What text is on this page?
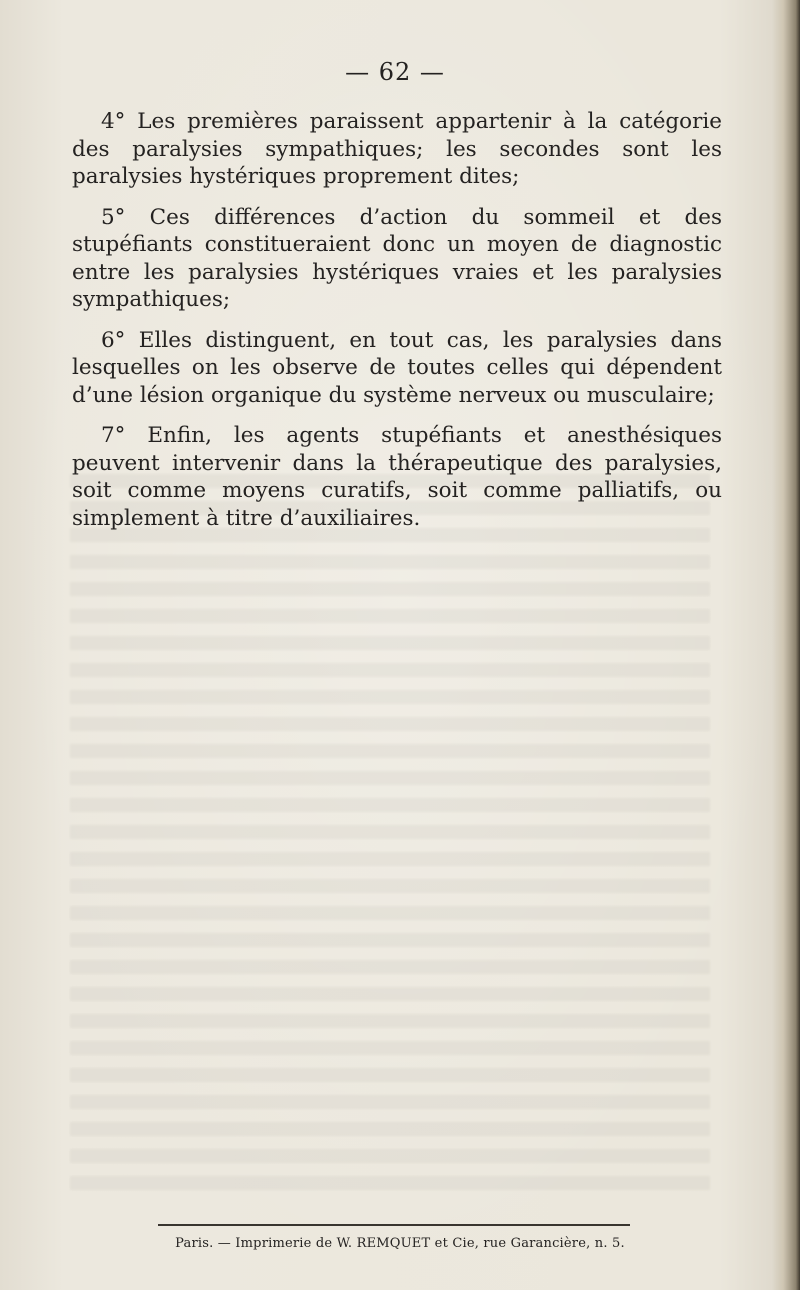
— 62 —

4° Les premières paraissent appartenir à la catégorie des paralysies sympathiques; les secondes sont les paralysies hystériques proprement dites;

5° Ces différences d’action du sommeil et des stupéfiants constitueraient donc un moyen de diagnostic entre les paralysies hystériques vraies et les paralysies sympathiques;

6° Elles distinguent, en tout cas, les paralysies dans lesquelles on les observe de toutes celles qui dépendent d’une lésion organique du système nerveux ou musculaire;

7° Enfin, les agents stupéfiants et anesthésiques peuvent intervenir dans la thérapeutique des paralysies, soit comme moyens curatifs, soit comme palliatifs, ou simplement à titre d’auxiliaires.

Paris. — Imprimerie de W. REMQUET et Cie, rue Garancière, n. 5.
